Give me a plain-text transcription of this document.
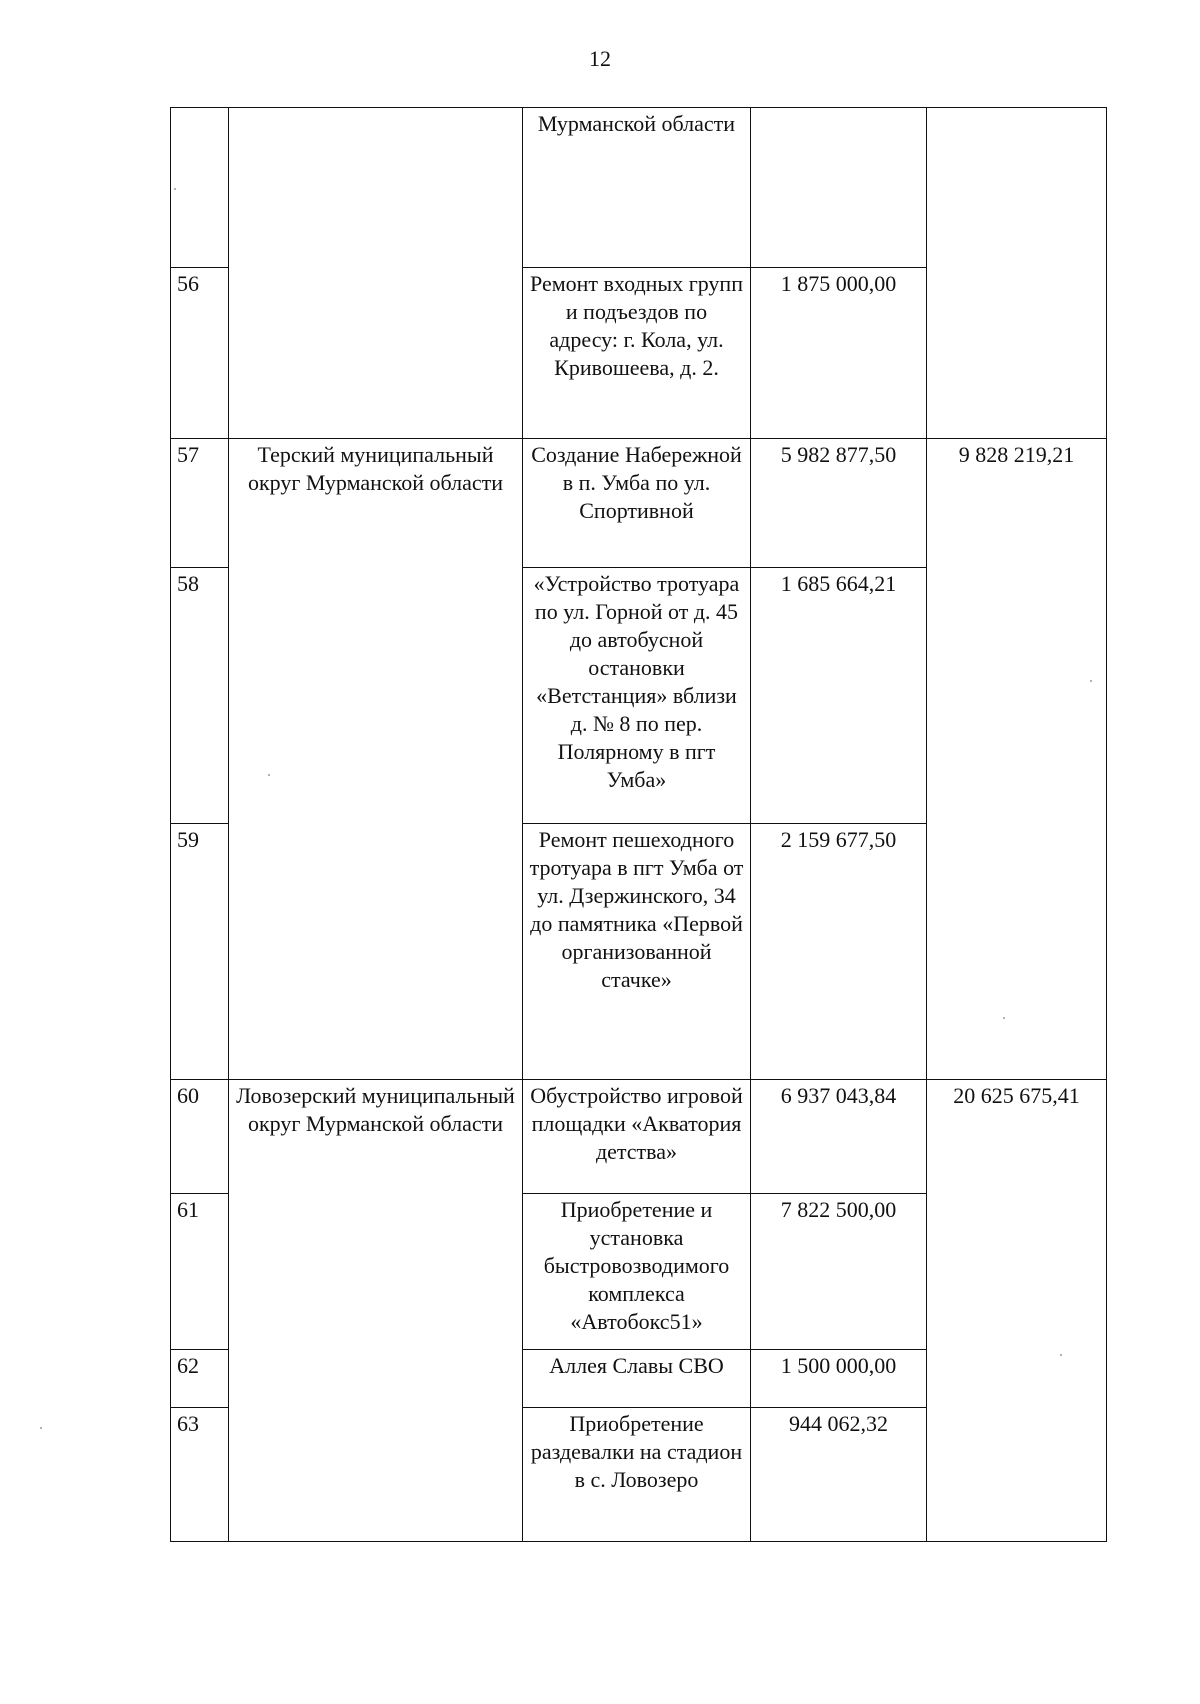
12
		Мурманской области		
56		Ремонт входных групп и подъездов по адресу: г. Кола, ул. Кривошеева, д. 2.	1 875 000,00	
57	Терский муниципальный округ Мурманской области	Создание Набережной в п. Умба по ул. Спортивной	5 982 877,50	9 828 219,21
58		«Устройство тротуара по ул. Горной от д. 45 до автобусной остановки «Ветстанция» вблизи д. № 8 по пер. Полярному в пгт Умба»	1 685 664,21	
59		Ремонт пешеходного тротуара в пгт Умба от ул. Дзержинского, 34 до памятника «Первой организованной стачке»	2 159 677,50	
60	Ловозерский муниципальный округ Мурманской области	Обустройство игровой площадки «Акватория детства»	6 937 043,84	20 625 675,41
61		Приобретение и установка быстровозводимого комплекса «Автобокс51»	7 822 500,00	
62		Аллея Славы СВО	1 500 000,00	
63		Приобретение раздевалки на стадион в с. Ловозеро	944 062,32	
